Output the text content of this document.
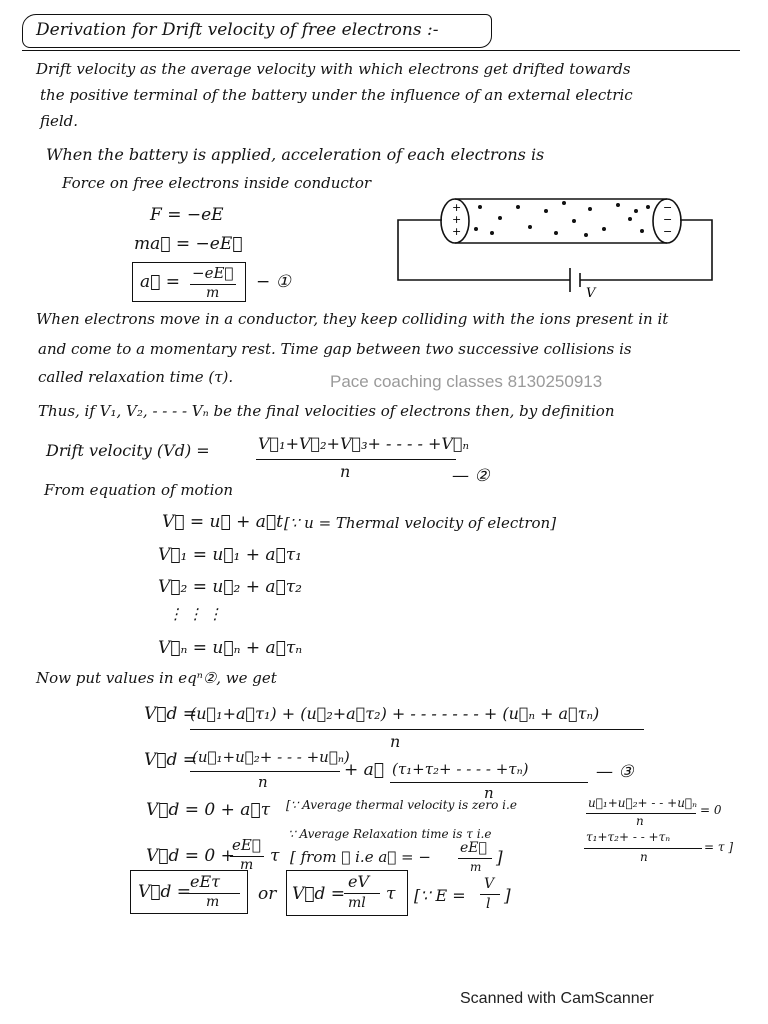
Derivation for Drift velocity of free electrons :-
Drift velocity as the average velocity with which electrons get drifted towards
the positive terminal of the battery under the influence of an external electric
field.
When the battery is applied, acceleration of each electrons is
Force on free electrons inside conductor
F = −eE
ma⃗ = −eE⃗
a⃗ = −eE⃗
m
− ①
+
+
+
−
−
−
V
When electrons move in a conductor, they keep colliding with the ions present in it
and come to a momentary rest. Time gap between two successive collisions is
called relaxation time (τ).	Pace coaching classes 8130250913
Thus, if V₁, V₂, - - - - Vₙ be the final velocities of electrons then, by definition
Drift velocity (Vd) =	V⃗₁+V⃗₂+V⃗₃+ - - - - +V⃗ₙ
n	— ②
From equation of motion
V⃗ = u⃗ + a⃗t [∵ u = Thermal velocity of electron]
V⃗₁ = u⃗₁ + a⃗τ₁
V⃗₂ = u⃗₂ + a⃗τ₂
⋮ ⋮ ⋮
V⃗ₙ = u⃗ₙ + a⃗τₙ
Now put values in eqⁿ②, we get
V⃗d =
(u⃗₁+a⃗τ₁) + (u⃗₂+a⃗τ₂) + - - - - - - - + (u⃗ₙ + a⃗τₙ)
n
V⃗d =
(u⃗₁+u⃗₂+ - - - +u⃗ₙ)
n
+ a⃗ (τ₁+τ₂+ - - - - +τₙ)
n
— ③
V⃗d = 0 + a⃗τ [∵ Average thermal velocity is zero i.e	u⃗₁+u⃗₂+ - - +u⃗ₙ
n
= 0
∵ Average Relaxation time is τ i.e	τ₁+τ₂+ - - +τₙ
n
= τ ]
V⃗d = 0 +
eE⃗
m τ [ from ① i.e a⃗ = − eE⃗
m ]
V⃗d =
eEτ
m or V⃗d =
eV
ml τ [∵ E =
V
l ]
Scanned with CamScanner
